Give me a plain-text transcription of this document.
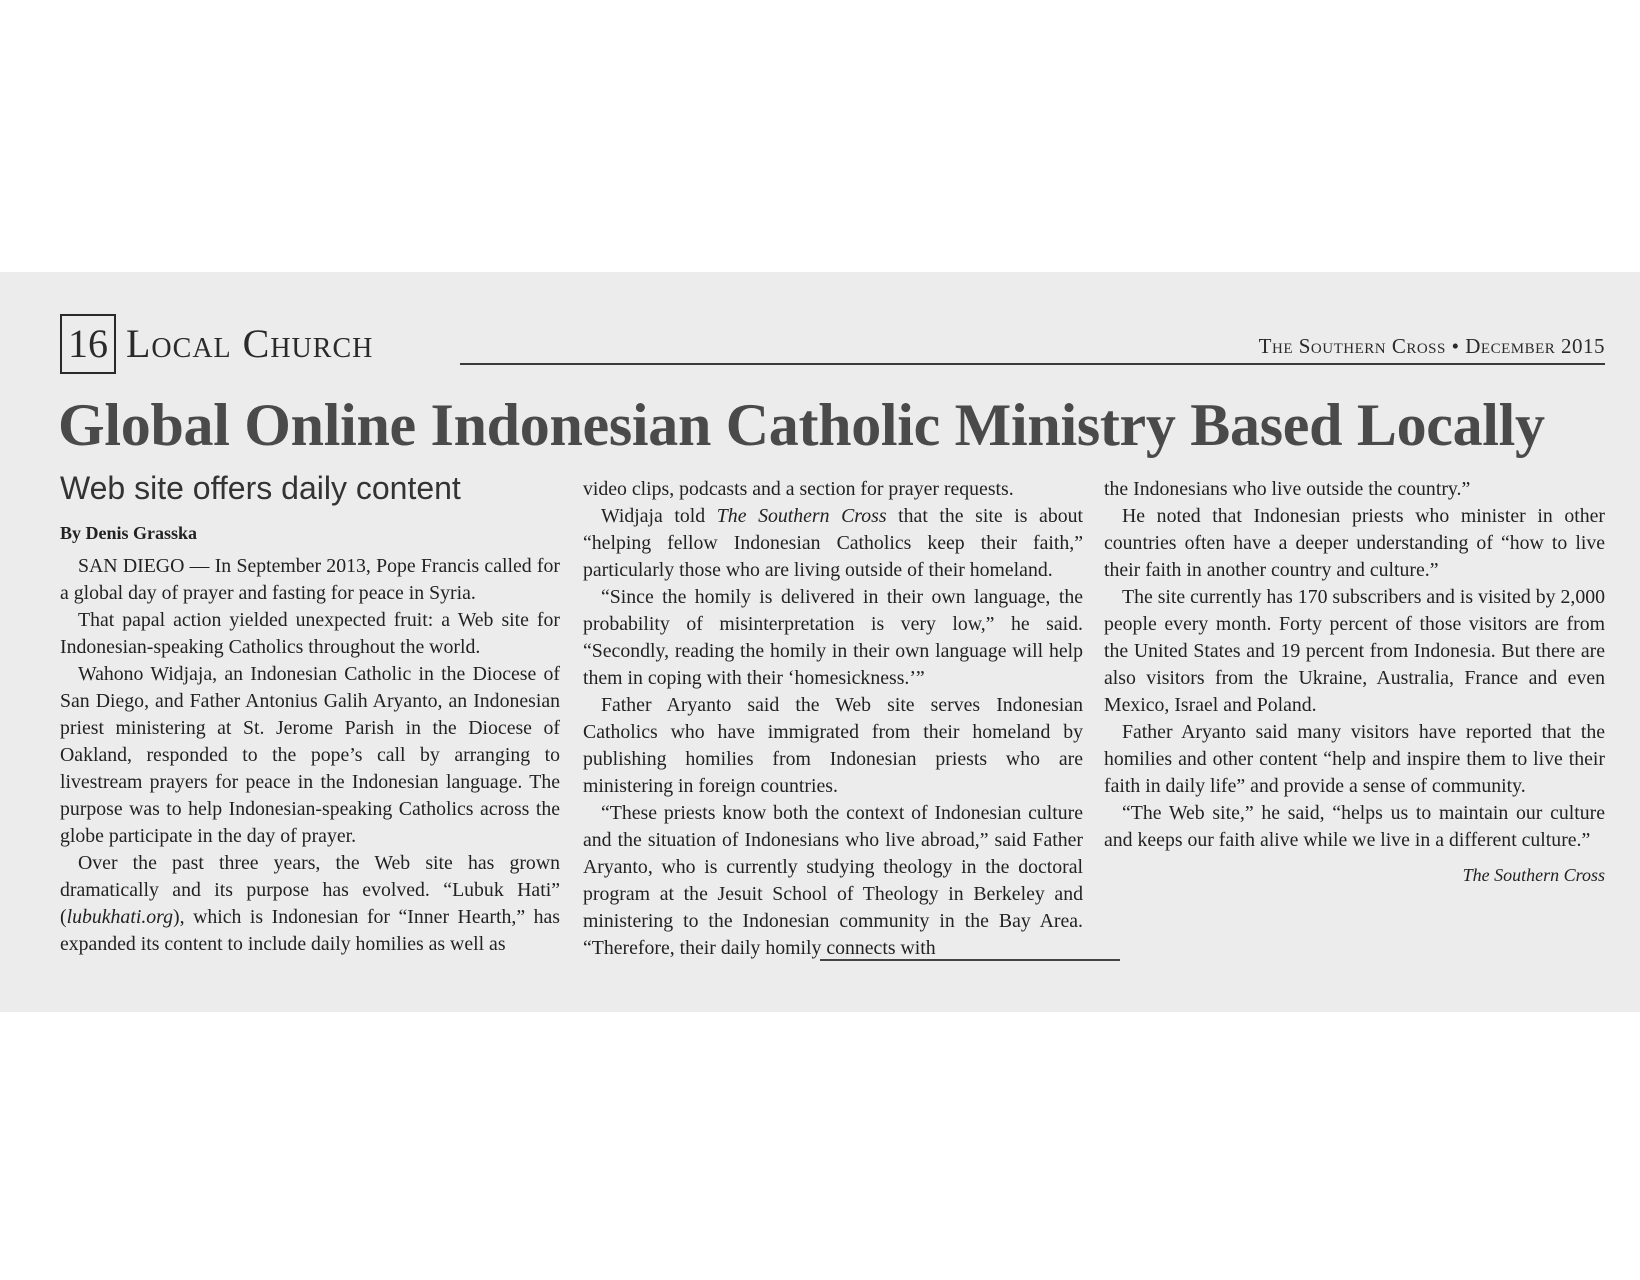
16 Local Church	The Southern Cross • December 2015
Global Online Indonesian Catholic Ministry Based Locally
Web site offers daily content
By Denis Grasska

SAN DIEGO — In September 2013, Pope Francis called for a global day of prayer and fasting for peace in Syria.

That papal action yielded unexpected fruit: a Web site for Indonesian-speaking Catholics throughout the world.

Wahono Widjaja, an Indonesian Catholic in the Diocese of San Diego, and Father Antonius Galih Aryanto, an Indonesian priest ministering at St. Jerome Parish in the Diocese of Oakland, responded to the pope’s call by arranging to livestream prayers for peace in the Indonesian language. The purpose was to help Indonesian-speaking Catholics across the globe participate in the day of prayer.

Over the past three years, the Web site has grown dramatically and its purpose has evolved. “Lubuk Hati” (lubukhati.org), which is Indonesian for “Inner Hearth,” has expanded its content to include daily homilies as well as

video clips, podcasts and a section for prayer requests.

Widjaja told The Southern Cross that the site is about “helping fellow Indonesian Catholics keep their faith,” particularly those who are living outside of their homeland.

“Since the homily is delivered in their own language, the probability of misinterpretation is very low,” he said. “Secondly, reading the homily in their own language will help them in coping with their ‘homesickness.’”

Father Aryanto said the Web site serves Indonesian Catholics who have immigrated from their homeland by publishing homilies from Indonesian priests who are ministering in foreign countries.

“These priests know both the context of Indonesian culture and the situation of Indonesians who live abroad,” said Father Aryanto, who is currently studying theology in the doctoral program at the Jesuit School of Theology in Berkeley and ministering to the Indonesian community in the Bay Area. “Therefore, their daily homily connects with

the Indonesians who live outside the country.”

He noted that Indonesian priests who minister in other countries often have a deeper understanding of “how to live their faith in another country and culture.”

The site currently has 170 subscribers and is visited by 2,000 people every month. Forty percent of those visitors are from the United States and 19 percent from Indonesia. But there are also visitors from the Ukraine, Australia, France and even Mexico, Israel and Poland.

Father Aryanto said many visitors have reported that the homilies and other content “help and inspire them to live their faith in daily life” and provide a sense of community.

“The Web site,” he said, “helps us to maintain our culture and keeps our faith alive while we live in a different culture.”

The Southern Cross
